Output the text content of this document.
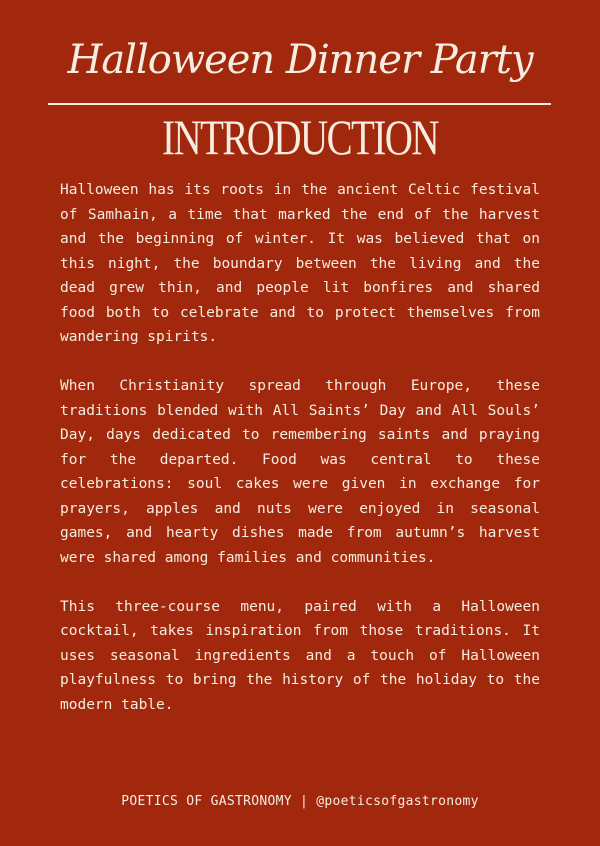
Halloween Dinner Party
INTRODUCTION

Halloween has its roots in the ancient Celtic festival of Samhain, a time that marked the end of the harvest and the beginning of winter. It was believed that on this night, the boundary between the living and the dead grew thin, and people lit bonfires and shared food both to celebrate and to protect themselves from wandering spirits.

When Christianity spread through Europe, these traditions blended with All Saints’ Day and All Souls’ Day, days dedicated to remembering saints and praying for the departed. Food was central to these celebrations: soul cakes were given in exchange for prayers, apples and nuts were enjoyed in seasonal games, and hearty dishes made from autumn’s harvest were shared among families and communities.

This three-course menu, paired with a Halloween cocktail, takes inspiration from those traditions. It uses seasonal ingredients and a touch of Halloween playfulness to bring the history of the holiday to the modern table.

POETICS OF GASTRONOMY | @poeticsofgastronomy
